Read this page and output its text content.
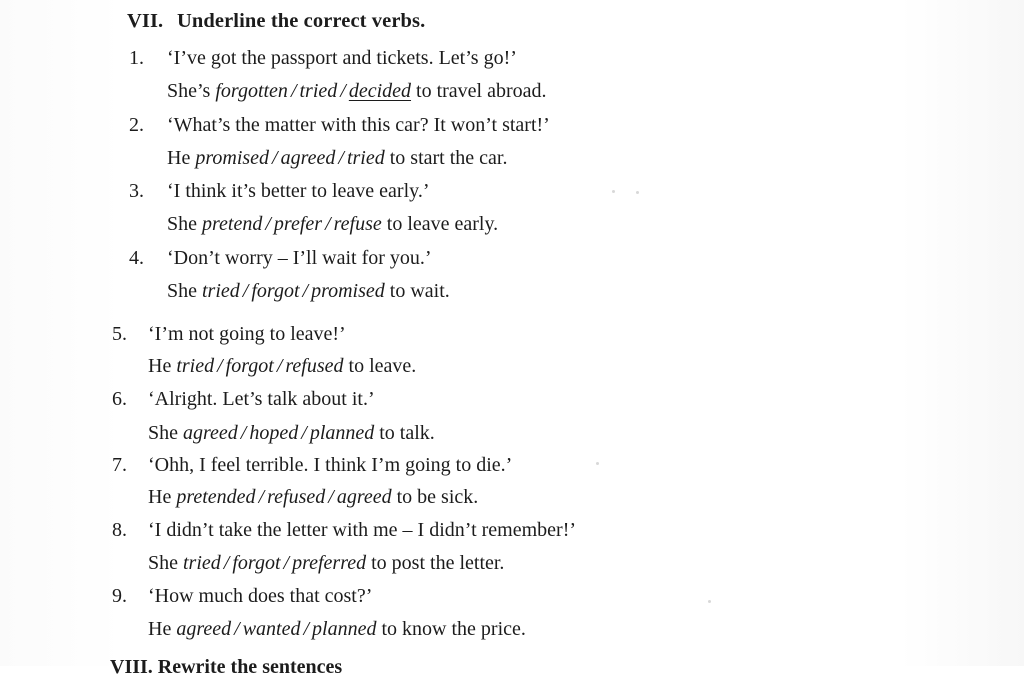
VII. Underline the correct verbs.
1. ‘I’ve got the passport and tickets. Let’s go!’
She’s forgotten / tried / decided to travel abroad.
2. ‘What’s the matter with this car? It won’t start!’
He promised / agreed / tried to start the car.
3. ‘I think it’s better to leave early.’
She pretend / prefer / refuse to leave early.
4. ‘Don’t worry – I’ll wait for you.’
She tried / forgot / promised to wait.
5. ‘I’m not going to leave!’
He tried / forgot / refused to leave.
6. ‘Alright. Let’s talk about it.’
She agreed / hoped / planned to talk.
7. ‘Ohh, I feel terrible. I think I’m going to die.’
He pretended / refused / agreed to be sick.
8. ‘I didn’t take the letter with me – I didn’t remember!’
She tried / forgot / preferred to post the letter.
9. ‘How much does that cost?’
He agreed / wanted / planned to know the price.
VIII. Rewrite the sentences
